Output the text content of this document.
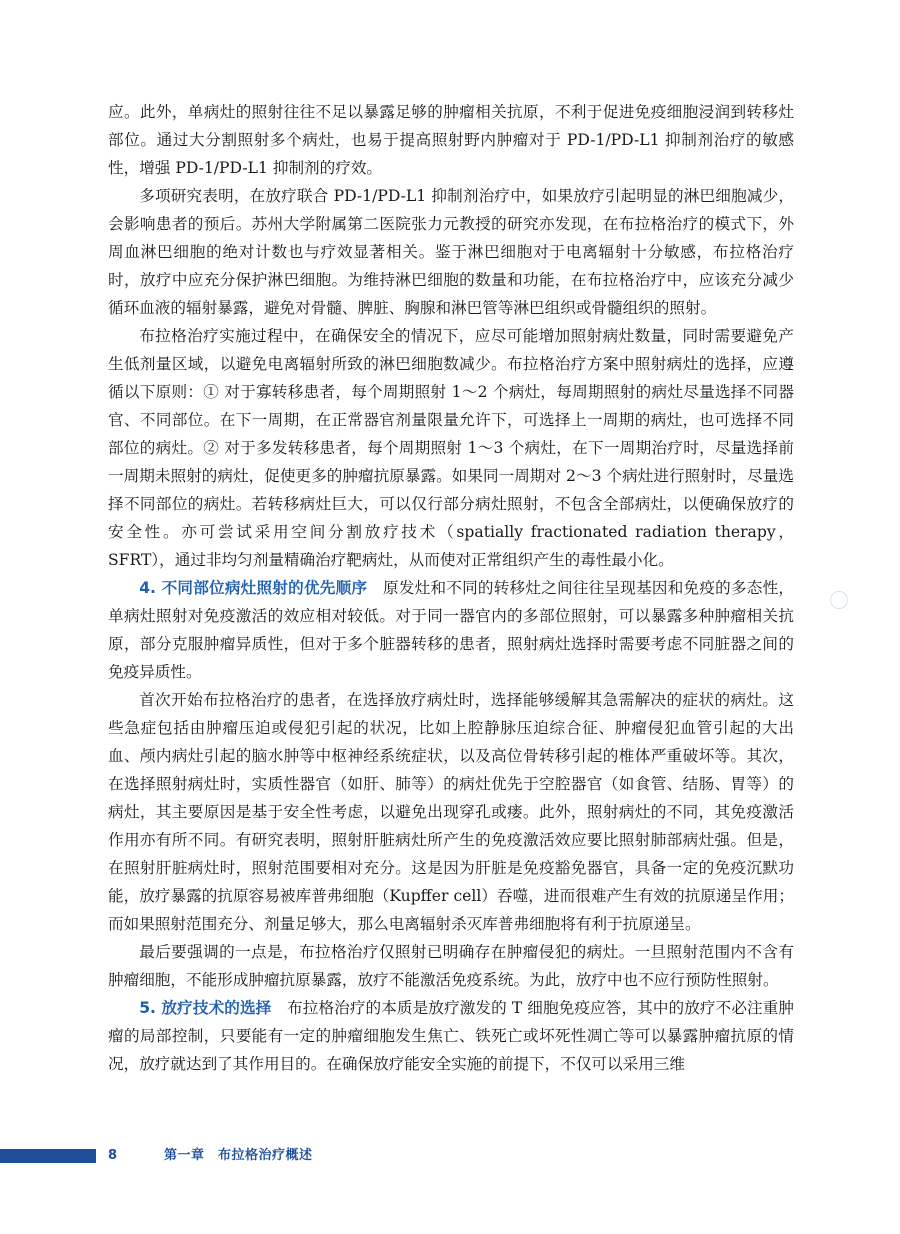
应。此外，单病灶的照射往往不足以暴露足够的肿瘤相关抗原，不利于促进免疫细胞浸润到转移灶部位。通过大分割照射多个病灶，也易于提高照射野内肿瘤对于 PD-1/PD-L1 抑制剂治疗的敏感性，增强 PD-1/PD-L1 抑制剂的疗效。

多项研究表明，在放疗联合 PD-1/PD-L1 抑制剂治疗中，如果放疗引起明显的淋巴细胞减少，会影响患者的预后。苏州大学附属第二医院张力元教授的研究亦发现，在布拉格治疗的模式下，外周血淋巴细胞的绝对计数也与疗效显著相关。鉴于淋巴细胞对于电离辐射十分敏感，布拉格治疗时，放疗中应充分保护淋巴细胞。为维持淋巴细胞的数量和功能，在布拉格治疗中，应该充分减少循环血液的辐射暴露，避免对骨髓、脾脏、胸腺和淋巴管等淋巴组织或骨髓组织的照射。

布拉格治疗实施过程中，在确保安全的情况下，应尽可能增加照射病灶数量，同时需要避免产生低剂量区域，以避免电离辐射所致的淋巴细胞数减少。布拉格治疗方案中照射病灶的选择，应遵循以下原则：① 对于寡转移患者，每个周期照射 1～2 个病灶，每周期照射的病灶尽量选择不同器官、不同部位。在下一周期，在正常器官剂量限量允许下，可选择上一周期的病灶，也可选择不同部位的病灶。② 对于多发转移患者，每个周期照射 1～3 个病灶，在下一周期治疗时，尽量选择前一周期未照射的病灶，促使更多的肿瘤抗原暴露。如果同一周期对 2～3 个病灶进行照射时，尽量选择不同部位的病灶。若转移病灶巨大，可以仅行部分病灶照射，不包含全部病灶，以便确保放疗的安全性。亦可尝试采用空间分割放疗技术（spatially fractionated radiation therapy，SFRT），通过非均匀剂量精确治疗靶病灶，从而使对正常组织产生的毒性最小化。

4. 不同部位病灶照射的优先顺序　 原发灶和不同的转移灶之间往往呈现基因和免疫的多态性，单病灶照射对免疫激活的效应相对较低。对于同一器官内的多部位照射，可以暴露多种肿瘤相关抗原，部分克服肿瘤异质性，但对于多个脏器转移的患者，照射病灶选择时需要考虑不同脏器之间的免疫异质性。

首次开始布拉格治疗的患者，在选择放疗病灶时，选择能够缓解其急需解决的症状的病灶。这些急症包括由肿瘤压迫或侵犯引起的状况，比如上腔静脉压迫综合征、肿瘤侵犯血管引起的大出血、颅内病灶引起的脑水肿等中枢神经系统症状，以及高位骨转移引起的椎体严重破坏等。其次，在选择照射病灶时，实质性器官（如肝、肺等）的病灶优先于空腔器官（如食管、结肠、胃等）的病灶，其主要原因是基于安全性考虑，以避免出现穿孔或瘘。此外，照射病灶的不同，其免疫激活作用亦有所不同。有研究表明，照射肝脏病灶所产生的免疫激活效应要比照射肺部病灶强。但是，在照射肝脏病灶时，照射范围要相对充分。这是因为肝脏是免疫豁免器官，具备一定的免疫沉默功能，放疗暴露的抗原容易被库普弗细胞（Kupffer cell）吞噬，进而很难产生有效的抗原递呈作用；而如果照射范围充分、剂量足够大，那么电离辐射杀灭库普弗细胞将有利于抗原递呈。

最后要强调的一点是，布拉格治疗仅照射已明确存在肿瘤侵犯的病灶。一旦照射范围内不含有肿瘤细胞，不能形成肿瘤抗原暴露，放疗不能激活免疫系统。为此，放疗中也不应行预防性照射。

5. 放疗技术的选择　 布拉格治疗的本质是放疗激发的 T 细胞免疫应答，其中的放疗不必注重肿瘤的局部控制，只要能有一定的肿瘤细胞发生焦亡、铁死亡或坏死性凋亡等可以暴露肿瘤抗原的情况，放疗就达到了其作用目的。在确保放疗能安全实施的前提下，不仅可以采用三维

8	第一章　布拉格治疗概述
